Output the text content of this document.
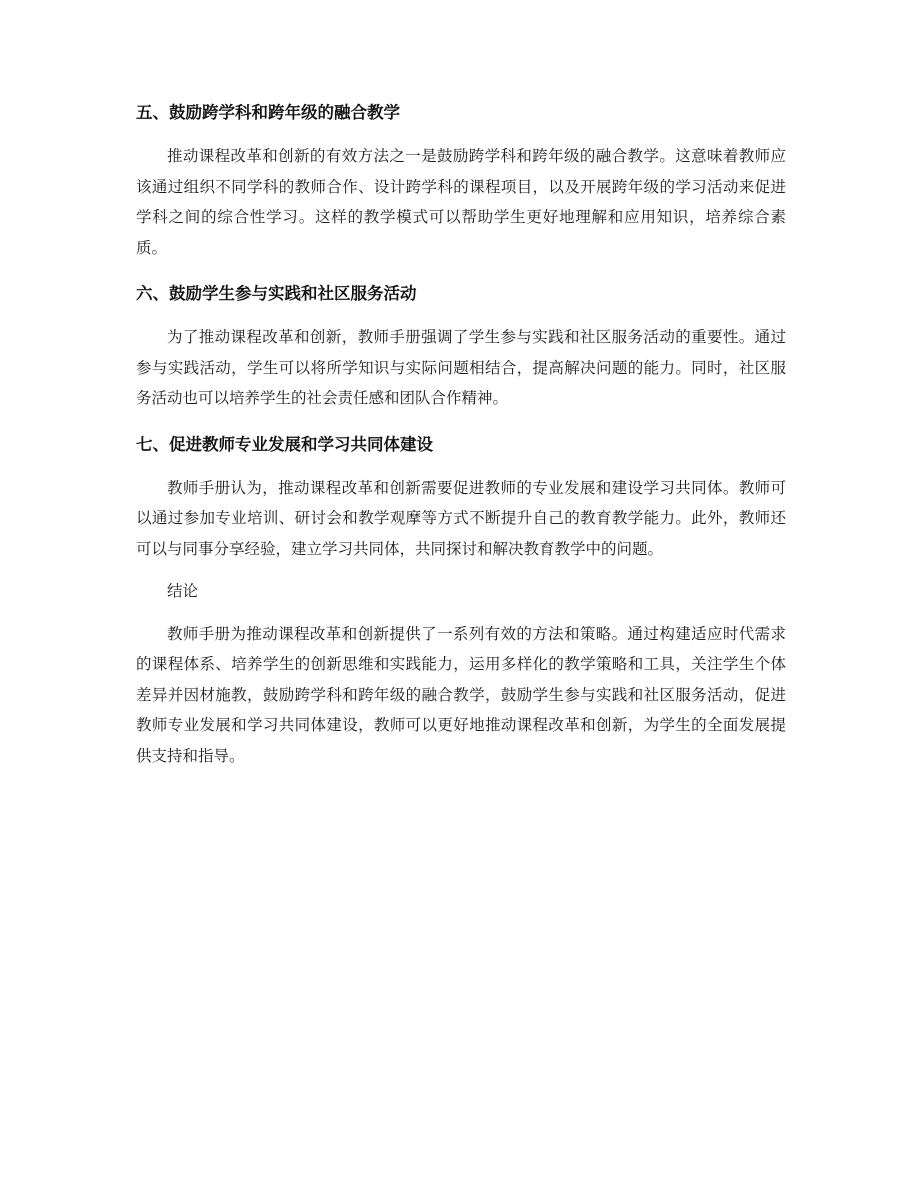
五、鼓励跨学科和跨年级的融合教学

推动课程改革和创新的有效方法之一是鼓励跨学科和跨年级的融合教学。这意味着教师应该通过组织不同学科的教师合作、设计跨学科的课程项目，以及开展跨年级的学习活动来促进学科之间的综合性学习。这样的教学模式可以帮助学生更好地理解和应用知识，培养综合素质。

六、鼓励学生参与实践和社区服务活动

为了推动课程改革和创新，教师手册强调了学生参与实践和社区服务活动的重要性。通过参与实践活动，学生可以将所学知识与实际问题相结合，提高解决问题的能力。同时，社区服务活动也可以培养学生的社会责任感和团队合作精神。

七、促进教师专业发展和学习共同体建设

教师手册认为，推动课程改革和创新需要促进教师的专业发展和建设学习共同体。教师可以通过参加专业培训、研讨会和教学观摩等方式不断提升自己的教育教学能力。此外，教师还可以与同事分享经验，建立学习共同体，共同探讨和解决教育教学中的问题。

结论

教师手册为推动课程改革和创新提供了一系列有效的方法和策略。通过构建适应时代需求的课程体系、培养学生的创新思维和实践能力，运用多样化的教学策略和工具，关注学生个体差异并因材施教，鼓励跨学科和跨年级的融合教学，鼓励学生参与实践和社区服务活动，促进教师专业发展和学习共同体建设，教师可以更好地推动课程改革和创新，为学生的全面发展提供支持和指导。
